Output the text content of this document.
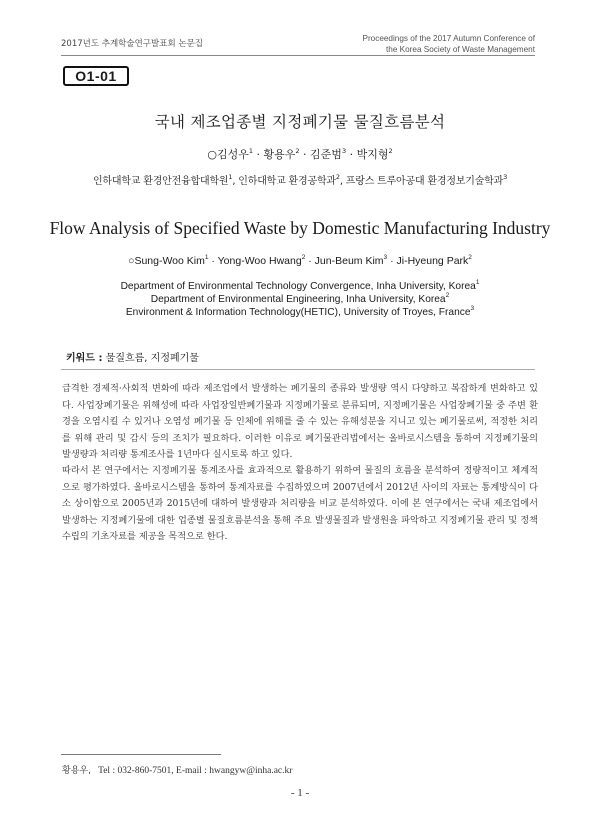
2017년도 추계학술연구발표회 논문집
Proceedings of the 2017 Autumn Conference of
the Korea Society of Waste Management
O1-01
국내 제조업종별 지정폐기물 물질흐름분석
○김성우$^1$ · 황용우$^2$ · 김준범$^3$ · 박지형$^2$
인하대학교 환경안전융합대학원$^1$, 인하대학교 환경공학과$^2$, 프랑스 트루아공대 환경정보기술학과$^3$
Flow Analysis of Specified Waste by Domestic Manufacturing Industry
○Sung-Woo Kim$^1$ · Yong-Woo Hwang$^2$ · Jun-Beum Kim$^3$ · Ji-Hyeung Park$^2$
Department of Environmental Technology Convergence, Inha University, Korea$^1$
Department of Environmental Engineering, Inha University, Korea$^2$
Environment & Information Technology(HETIC), University of Troyes, France$^3$
키워드 : 물질흐름, 지정폐기물

급격한 경제적·사회적 변화에 따라 제조업에서 발생하는 폐기물의 종류와 발생량 역시 다양하고 복잡하게 변화하고 있다. 사업장폐기물은 위해성에 따라 사업장일반폐기물과 지정폐기물로 분류되며, 지정폐기물은 사업장폐기물 중 주변 환경을 오염시킬 수 있거나 오염성 폐기물 등 인체에 위해를 줄 수 있는 유해성분을 지니고 있는 폐기물로써, 적정한 처리를 위해 관리 및 감시 등의 조치가 필요하다. 이러한 이유로 폐기물관리법에서는 올바로시스템을 통하여 지정폐기물의 발생량과 처리량 통계조사를 1년마다 실시토록 하고 있다.

따라서 본 연구에서는 지정폐기물 통계조사를 효과적으로 활용하기 위하여 물질의 흐름을 분석하여 정량적이고 체계적으로 평가하였다. 올바로시스템을 통하여 통계자료를 수집하였으며 2007년에서 2012년 사이의 자료는 통계방식이 다소 상이함으로 2005년과 2015년에 대하여 발생량과 처리량을 비교 분석하였다. 이에 본 연구에서는 국내 제조업에서 발생하는 지정폐기물에 대한 업종별 물질흐름분석을 통해 주요 발생물질과 발생원을 파악하고 지정폐기물 관리 및 정책 수립의 기초자료를 제공을 목적으로 한다.

황용우, Tel : 032-860-7501, E-mail : hwangyw@inha.ac.kr
- 1 -
